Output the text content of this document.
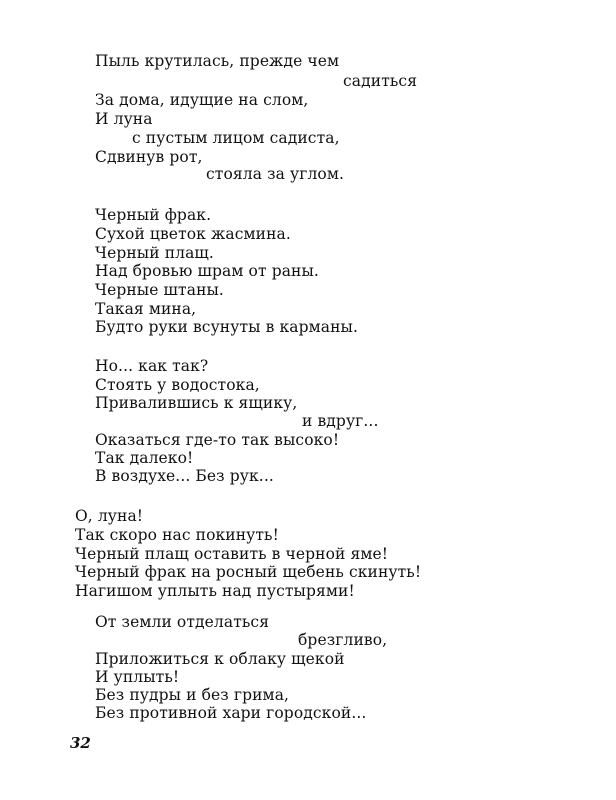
Пыль крутилась, прежде чем
садиться
За дома, идущие на слом,
И луна
с пустым лицом садиста,
Сдвинув рот,
стояла за углом.
Черный фрак.
Сухой цветок жасмина.
Черный плащ.
Над бровью шрам от раны.
Черные штаны.
Такая мина,
Будто руки всунуты в карманы.
Но... как так?
Стоять у водостока,
Привалившись к ящику,
и вдруг...
Оказаться где-то так высоко!
Так далеко!
В воздухе... Без рук...
О, луна!
Так скоро нас покинуть!
Черный плащ оставить в черной яме!
Черный фрак на росный щебень скинуть!
Нагишом уплыть над пустырями!
От земли отделаться
брезгливо,
Приложиться к облаку щекой
И уплыть!
Без пудры и без грима,
Без противной хари городской...
32
